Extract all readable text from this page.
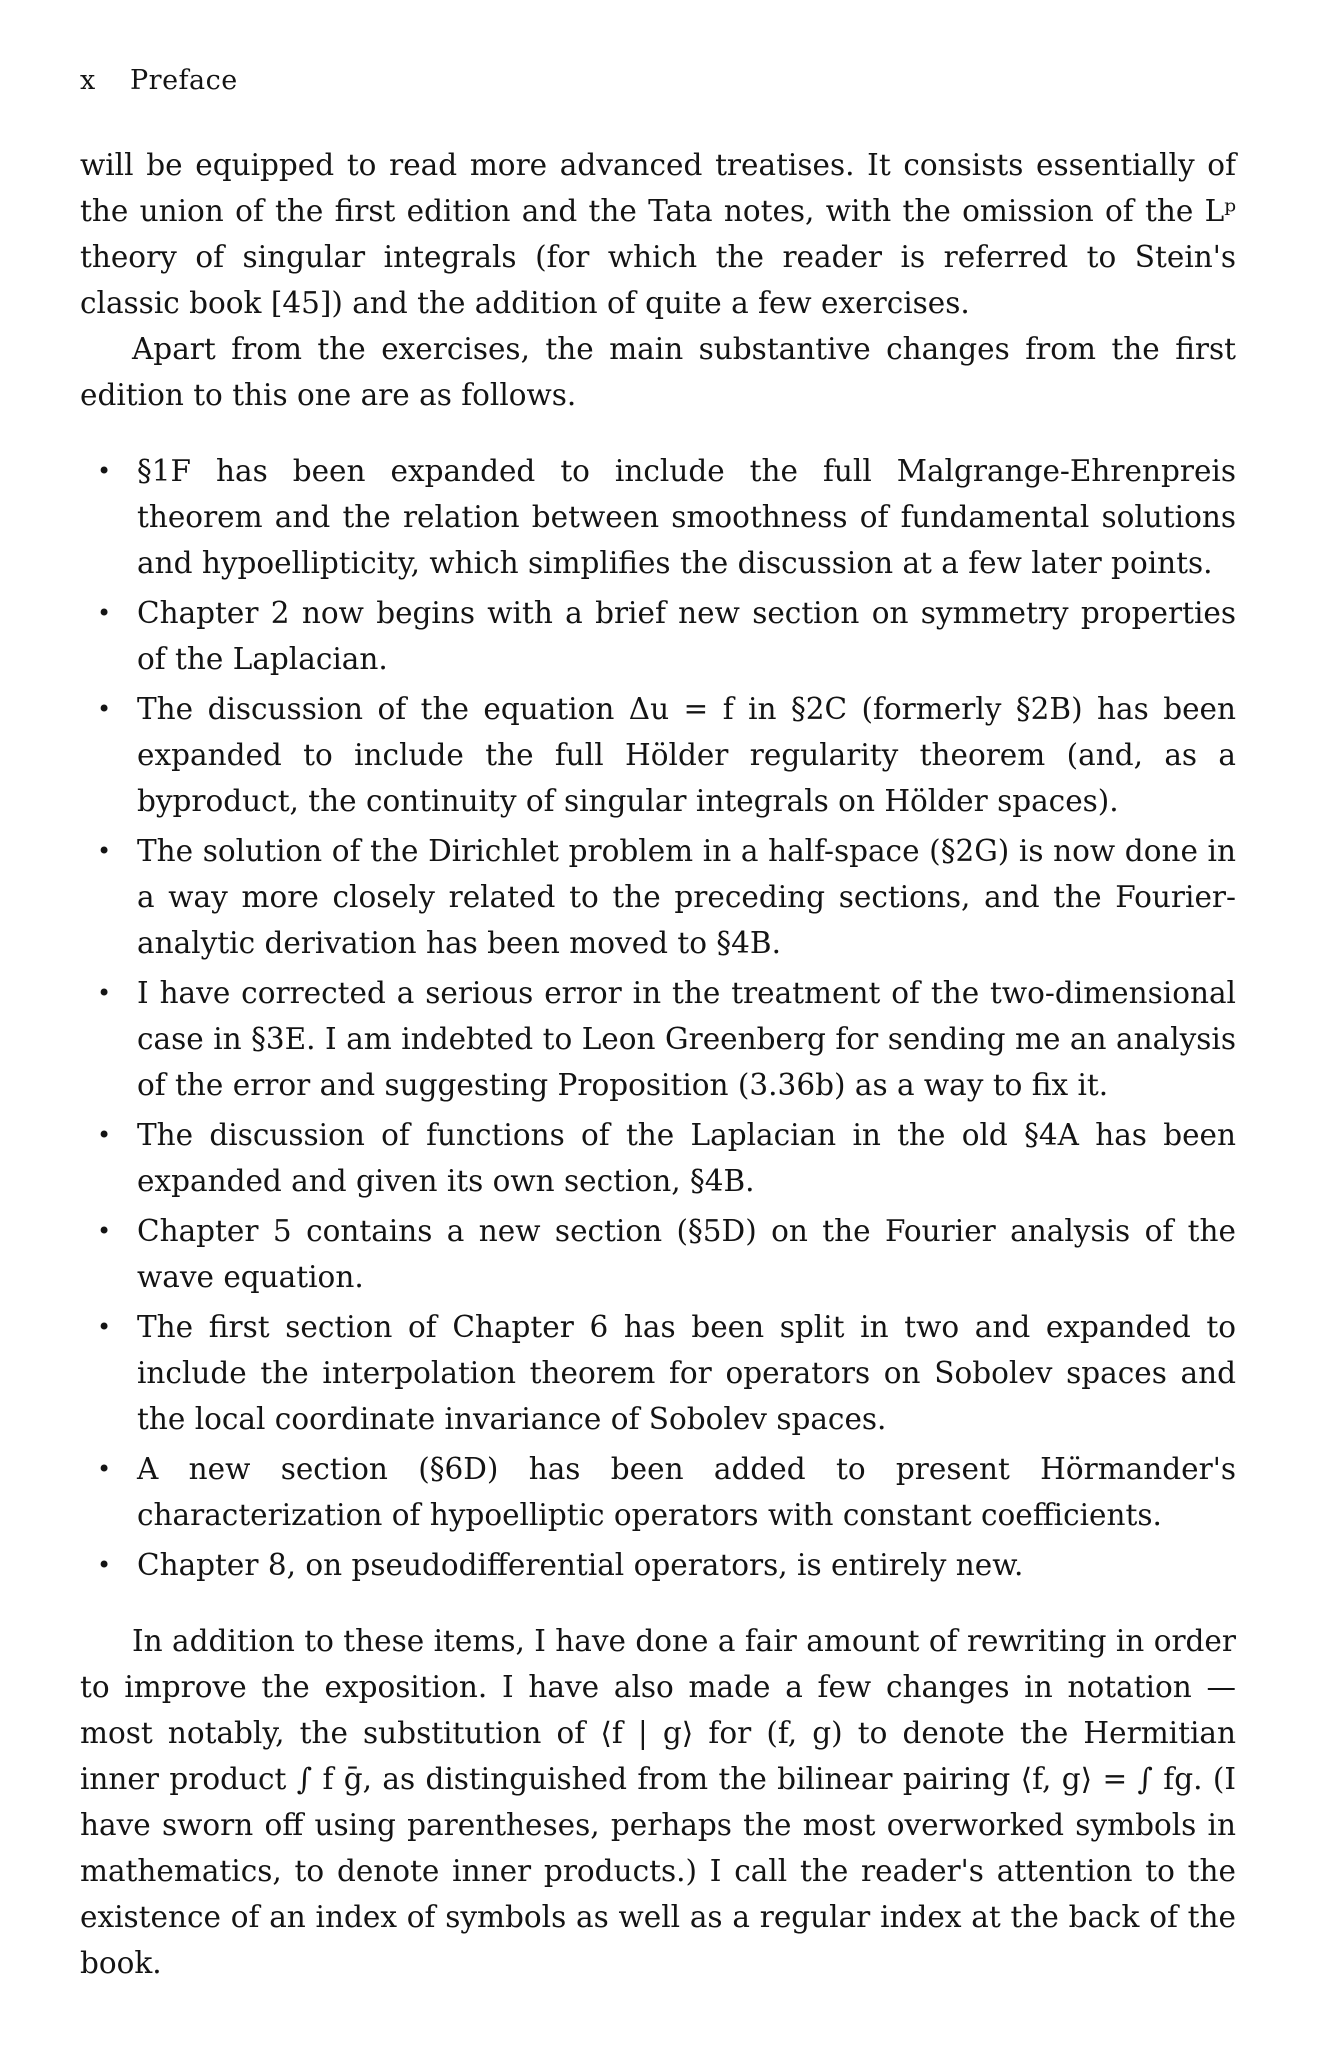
x Preface

will be equipped to read more advanced treatises. It consists essentially of the union of the first edition and the Tata notes, with the omission of the Lᵖ theory of singular integrals (for which the reader is referred to Stein's classic book [45]) and the addition of quite a few exercises.

Apart from the exercises, the main substantive changes from the first edition to this one are as follows.

• §1F has been expanded to include the full Malgrange-Ehrenpreis theorem and the relation between smoothness of fundamental solutions and hypoellipticity, which simplifies the discussion at a few later points.
• Chapter 2 now begins with a brief new section on symmetry properties of the Laplacian.
• The discussion of the equation Δu = f in §2C (formerly §2B) has been expanded to include the full Hölder regularity theorem (and, as a byproduct, the continuity of singular integrals on Hölder spaces).
• The solution of the Dirichlet problem in a half-space (§2G) is now done in a way more closely related to the preceding sections, and the Fourier-analytic derivation has been moved to §4B.
• I have corrected a serious error in the treatment of the two-dimensional case in §3E. I am indebted to Leon Greenberg for sending me an analysis of the error and suggesting Proposition (3.36b) as a way to fix it.
• The discussion of functions of the Laplacian in the old §4A has been expanded and given its own section, §4B.
• Chapter 5 contains a new section (§5D) on the Fourier analysis of the wave equation.
• The first section of Chapter 6 has been split in two and expanded to include the interpolation theorem for operators on Sobolev spaces and the local coordinate invariance of Sobolev spaces.
• A new section (§6D) has been added to present Hörmander's characterization of hypoelliptic operators with constant coefficients.
• Chapter 8, on pseudodifferential operators, is entirely new.

In addition to these items, I have done a fair amount of rewriting in order to improve the exposition. I have also made a few changes in notation — most notably, the substitution of ⟨f | g⟩ for (f, g) to denote the Hermitian inner product ∫ f ḡ, as distinguished from the bilinear pairing ⟨f, g⟩ = ∫ fg. (I have sworn off using parentheses, perhaps the most overworked symbols in mathematics, to denote inner products.) I call the reader's attention to the existence of an index of symbols as well as a regular index at the back of the book.
